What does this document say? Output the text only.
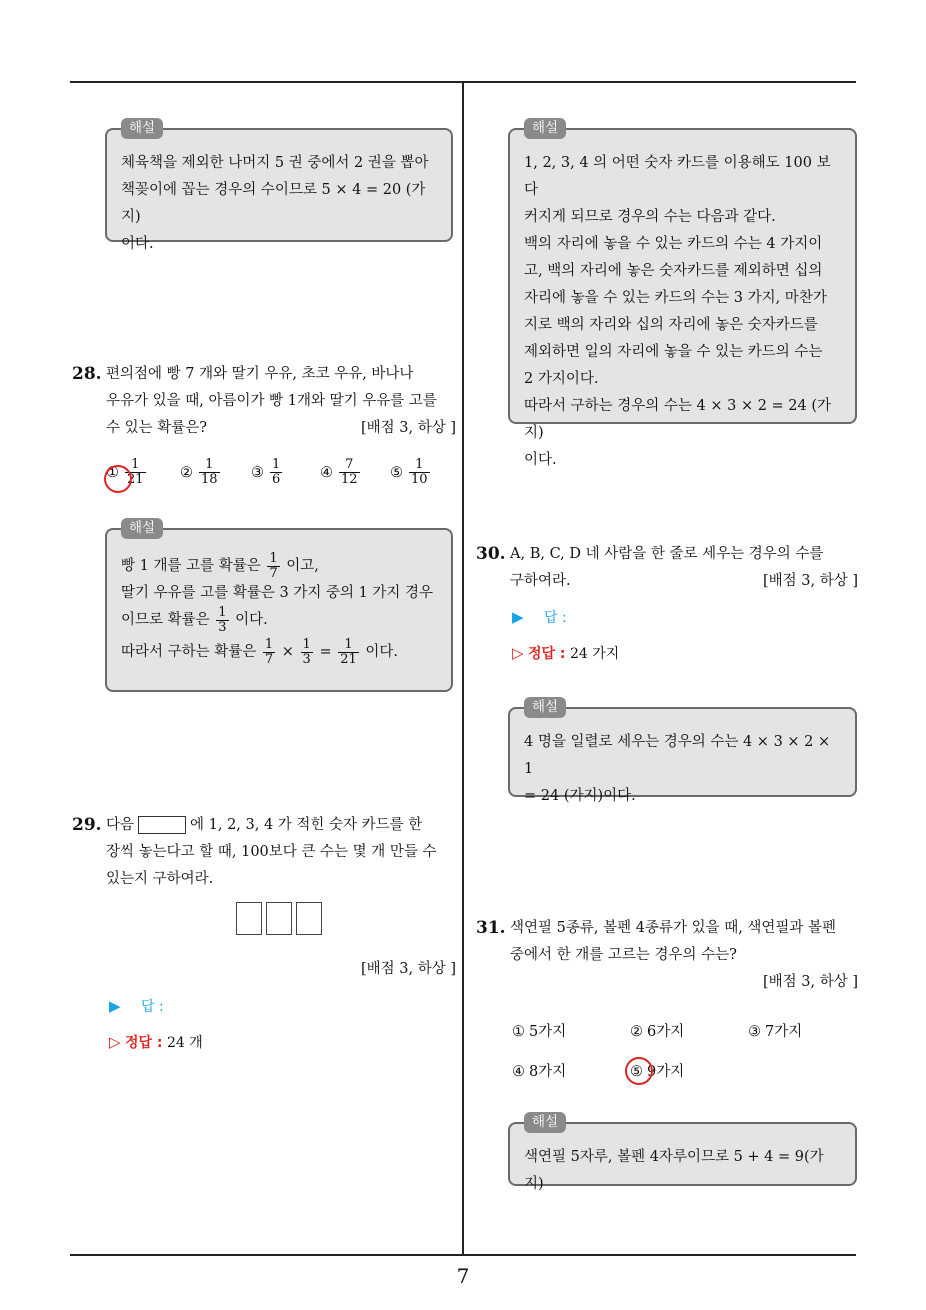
7
해설
체육책을 제외한 나머지 5 권 중에서 2 권을 뽑아
책꽂이에 꼽는 경우의 수이므로 5 × 4 = 20 (가지)
이다.
28. 편의점에 빵 7 개와 딸기 우유, 초코 우유, 바나나
우유가 있을 때, 아름이가 빵 1개와 딸기 우유를 고를
수 있는 확률은?	[배점 3, 하상 ]
① $\frac{1}{21}$ ② $\frac{1}{18}$ ③ $\frac{1}{6}$	④ $\frac{7}{12}$ ⑤ $\frac{1}{10}$
해설
빵 1 개를 고를 확률은 $\frac{1}{7}$ 이고,
딸기 우유를 고를 확률은 3 가지 중의 1 가지 경우
이므로 확률은 $\frac{1}{3}$ 이다.
따라서 구하는 확률은 $\frac{1}{7} \times \frac{1}{3} = \frac{1}{21}$ 이다.
29. 다음	에 1, 2, 3, 4 가 적힌 숫자 카드를 한
장씩 놓는다고 할 때, 100보다 큰 수는 몇 개 만들 수
있는지 구하여라.
[배점 3, 하상 ]
▶ 답 :
▷ 정답 : 24 개
해설
1, 2, 3, 4 의 어떤 숫자 카드를 이용해도 100 보다
커지게 되므로 경우의 수는 다음과 같다.
백의 자리에 놓을 수 있는 카드의 수는 4 가지이
고, 백의 자리에 놓은 숫자카드를 제외하면 십의
자리에 놓을 수 있는 카드의 수는 3 가지, 마찬가
지로 백의 자리와 십의 자리에 놓은 숫자카드를
제외하면 일의 자리에 놓을 수 있는 카드의 수는
2 가지이다.
따라서 구하는 경우의 수는 4 × 3 × 2 = 24 (가지)
이다.
30. A, B, C, D 네 사람을 한 줄로 세우는 경우의 수를
구하여라.	[배점 3, 하상 ]
▶ 답 :
▷ 정답 : 24 가지
해설
4 명을 일렬로 세우는 경우의 수는 4 × 3 × 2 × 1
= 24 (가지)이다.
31. 색연필 5종류, 볼펜 4종류가 있을 때, 색연필과 볼펜
중에서 한 개를 고르는 경우의 수는?
[배점 3, 하상 ]
① 5가지	② 6가지	③ 7가지
④ 8가지	⑤ 9가지
해설
색연필 5자루, 볼펜 4자루이므로 5 + 4 = 9(가지)
